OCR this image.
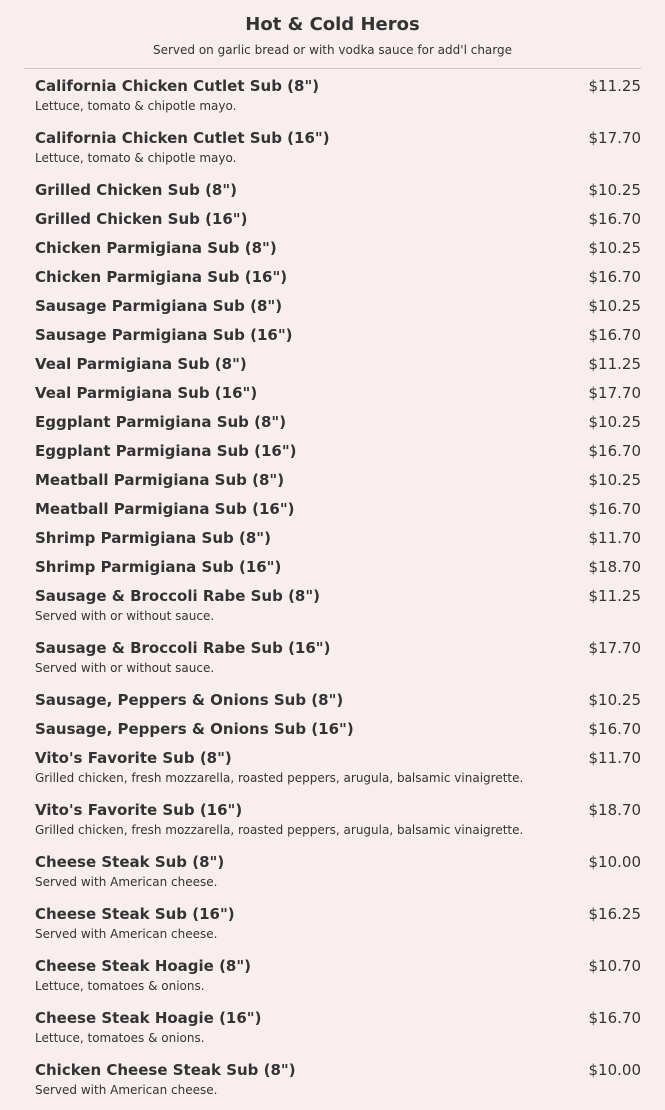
Hot & Cold Heros
Served on garlic bread or with vodka sauce for add'l charge
California Chicken Cutlet Sub (8")	$11.25
Lettuce, tomato & chipotle mayo.
California Chicken Cutlet Sub (16")	$17.70
Lettuce, tomato & chipotle mayo.
Grilled Chicken Sub (8")	$10.25
Grilled Chicken Sub (16")	$16.70
Chicken Parmigiana Sub (8")	$10.25
Chicken Parmigiana Sub (16")	$16.70
Sausage Parmigiana Sub (8")	$10.25
Sausage Parmigiana Sub (16")	$16.70
Veal Parmigiana Sub (8")	$11.25
Veal Parmigiana Sub (16")	$17.70
Eggplant Parmigiana Sub (8")	$10.25
Eggplant Parmigiana Sub (16")	$16.70
Meatball Parmigiana Sub (8")	$10.25
Meatball Parmigiana Sub (16")	$16.70
Shrimp Parmigiana Sub (8")	$11.70
Shrimp Parmigiana Sub (16")	$18.70
Sausage & Broccoli Rabe Sub (8")	$11.25
Served with or without sauce.
Sausage & Broccoli Rabe Sub (16")	$17.70
Served with or without sauce.
Sausage, Peppers & Onions Sub (8")	$10.25
Sausage, Peppers & Onions Sub (16")	$16.70
Vito's Favorite Sub (8")	$11.70
Grilled chicken, fresh mozzarella, roasted peppers, arugula, balsamic vinaigrette.
Vito's Favorite Sub (16")	$18.70
Grilled chicken, fresh mozzarella, roasted peppers, arugula, balsamic vinaigrette.
Cheese Steak Sub (8")	$10.00
Served with American cheese.
Cheese Steak Sub (16")	$16.25
Served with American cheese.
Cheese Steak Hoagie (8")	$10.70
Lettuce, tomatoes & onions.
Cheese Steak Hoagie (16")	$16.70
Lettuce, tomatoes & onions.
Chicken Cheese Steak Sub (8")	$10.00
Served with American cheese.
